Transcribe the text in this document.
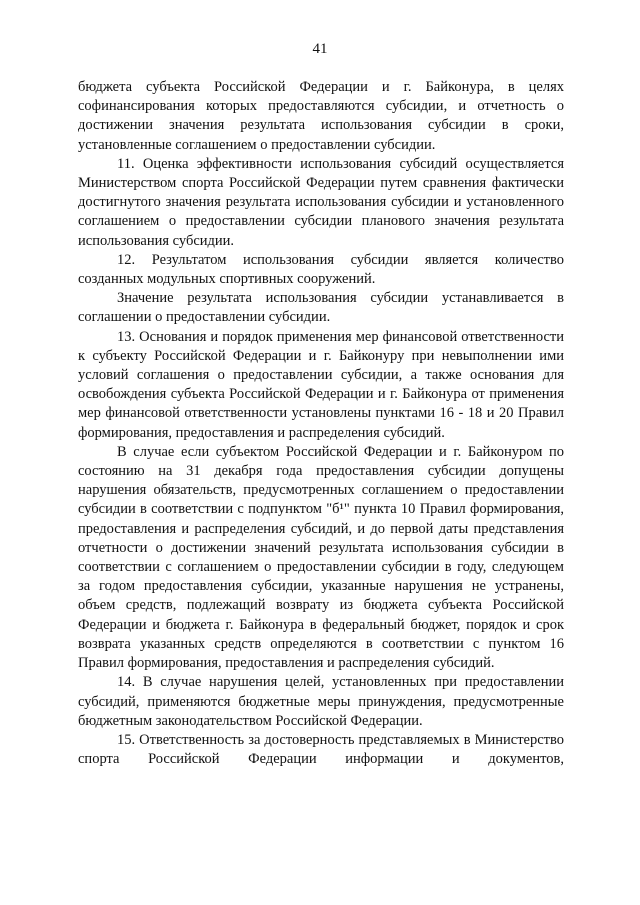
41

бюджета субъекта Российской Федерации и г. Байконура, в целях софинансирования которых предоставляются субсидии, и отчетность о достижении значения результата использования субсидии в сроки, установленные соглашением о предоставлении субсидии.

11. Оценка эффективности использования субсидий осуществляется Министерством спорта Российской Федерации путем сравнения фактически достигнутого значения результата использования субсидии и установленного соглашением о предоставлении субсидии планового значения результата использования субсидии.

12. Результатом использования субсидии является количество созданных модульных спортивных сооружений.

Значение результата использования субсидии устанавливается в соглашении о предоставлении субсидии.

13. Основания и порядок применения мер финансовой ответственности к субъекту Российской Федерации и г. Байконуру при невыполнении ими условий соглашения о предоставлении субсидии, а также основания для освобождения субъекта Российской Федерации и г. Байконура от применения мер финансовой ответственности установлены пунктами 16 - 18 и 20 Правил формирования, предоставления и распределения субсидий.

В случае если субъектом Российской Федерации и г. Байконуром по состоянию на 31 декабря года предоставления субсидии допущены нарушения обязательств, предусмотренных соглашением о предоставлении субсидии в соответствии с подпунктом "б¹" пункта 10 Правил формирования, предоставления и распределения субсидий, и до первой даты представления отчетности о достижении значений результата использования субсидии в соответствии с соглашением о предоставлении субсидии в году, следующем за годом предоставления субсидии, указанные нарушения не устранены, объем средств, подлежащий возврату из бюджета субъекта Российской Федерации и бюджета г. Байконура в федеральный бюджет, порядок и срок возврата указанных средств определяются в соответствии с пунктом 16 Правил формирования, предоставления и распределения субсидий.

14. В случае нарушения целей, установленных при предоставлении субсидий, применяются бюджетные меры принуждения, предусмотренные бюджетным законодательством Российской Федерации.

15. Ответственность за достоверность представляемых в Министерство спорта Российской Федерации информации и документов,
